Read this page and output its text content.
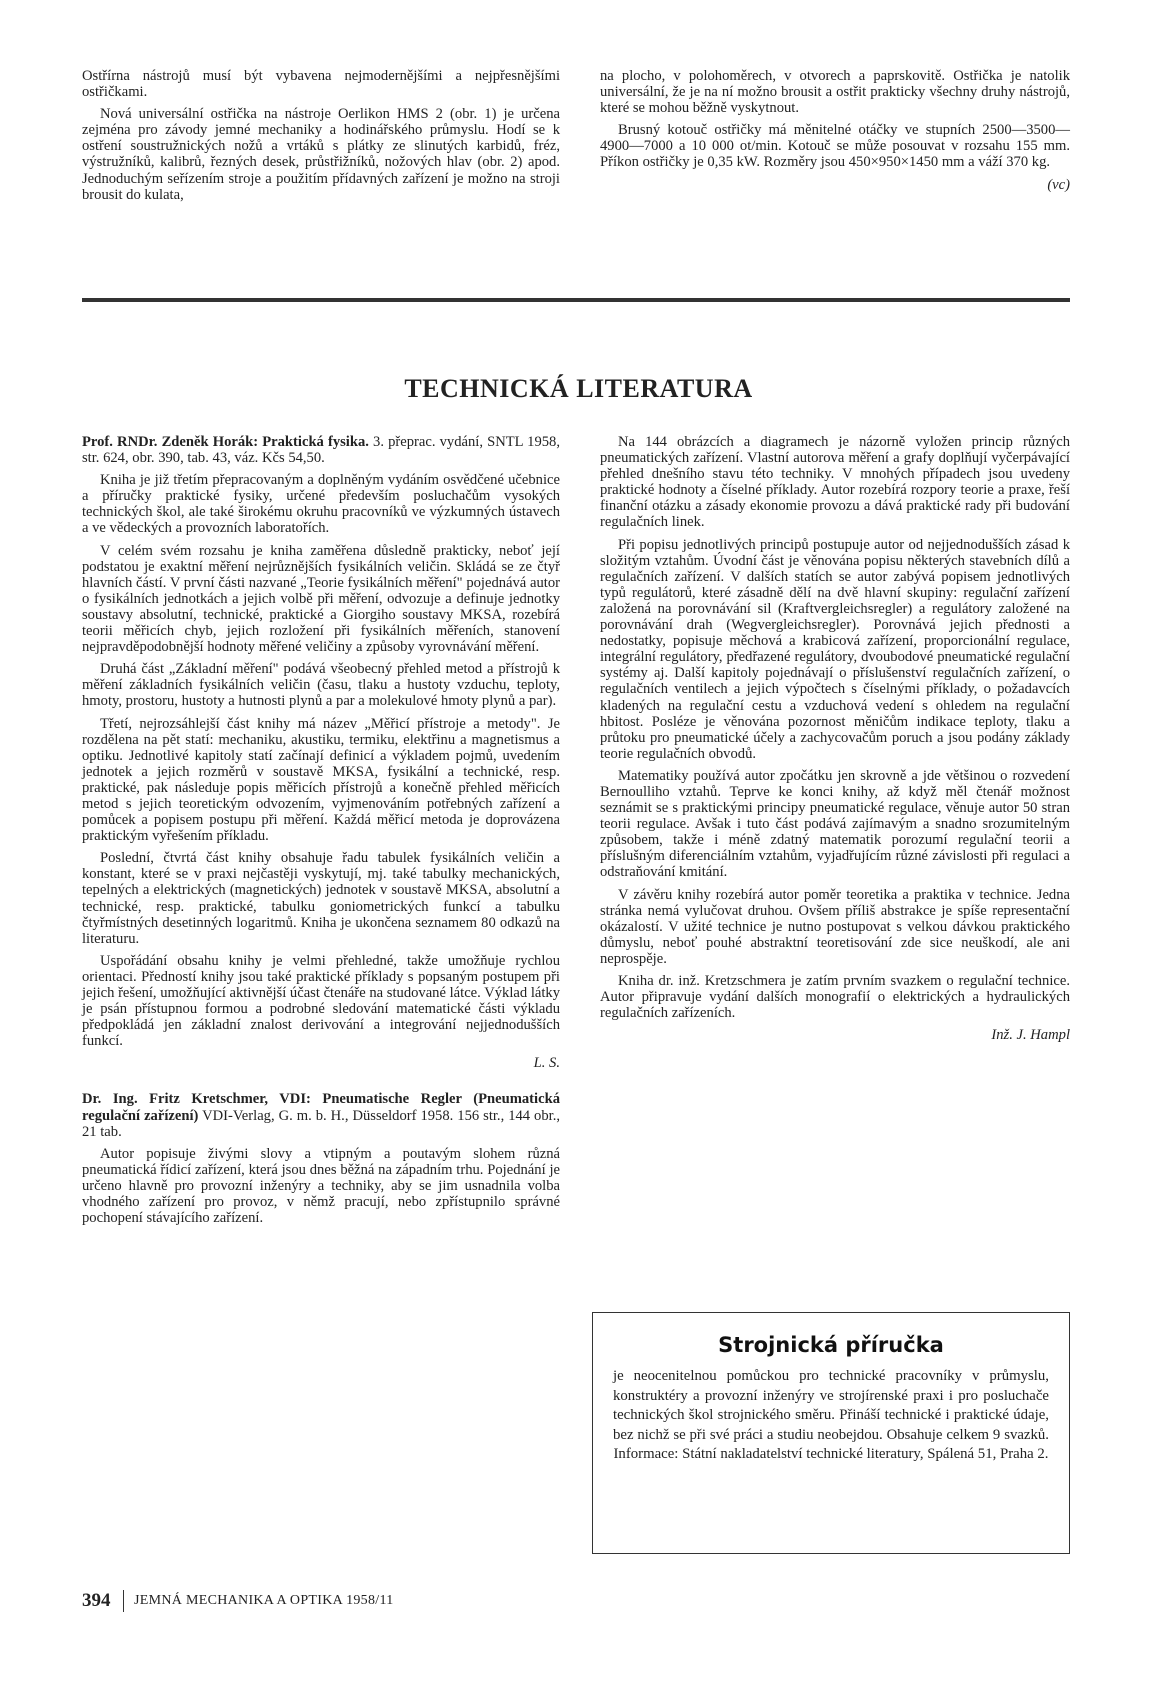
Ostřírna nástrojů musí být vybavena nejmodernějšími a nejpřesnějšími ostřičkami.

Nová universální ostřička na nástroje Oerlikon HMS 2 (obr. 1) je určena zejména pro závody jemné mechaniky a hodinářského průmyslu. Hodí se k ostření soustružnických nožů a vrtáků s plátky ze slinutých karbidů, fréz, výstružníků, kalibrů, řezných desek, průstřižníků, nožových hlav (obr. 2) apod. Jednoduchým seřízením stroje a použitím přídavných zařízení je možno na stroji brousit do kulata,

na plocho, v polohoměrech, v otvorech a paprskovitě. Ostřička je natolik universální, že je na ní možno brousit a ostřit prakticky všechny druhy nástrojů, které se mohou běžně vyskytnout.

Brusný kotouč ostřičky má měnitelné otáčky ve stupních 2500—3500—4900—7000 a 10 000 ot/min. Kotouč se může posouvat v rozsahu 155 mm. Příkon ostřičky je 0,35 kW. Rozměry jsou 450×950×1450 mm a váží 370 kg.

(vc)

TECHNICKÁ LITERATURA

Prof. RNDr. Zdeněk Horák: Praktická fysika. 3. přeprac. vydání, SNTL 1958, str. 624, obr. 390, tab. 43, váz. Kčs 54,50.

Kniha je již třetím přepracovaným a doplněným vydáním osvědčené učebnice a příručky praktické fysiky, určené především posluchačům vysokých technických škol, ale také širokému okruhu pracovníků ve výzkumných ústavech a ve vědeckých a provozních laboratořích.

V celém svém rozsahu je kniha zaměřena důsledně prakticky, neboť její podstatou je exaktní měření nejrůznějších fysikálních veličin. Skládá se ze čtyř hlavních částí. V první části nazvané „Teorie fysikálních měření" pojednává autor o fysikálních jednotkách a jejich volbě při měření, odvozuje a definuje jednotky soustavy absolutní, technické, praktické a Giorgiho soustavy MKSA, rozebírá teorii měřicích chyb, jejich rozložení při fysikálních měřeních, stanovení nejpravděpodobnější hodnoty měřené veličiny a způsoby vyrovnávání měření.

Druhá část „Základní měření" podává všeobecný přehled metod a přístrojů k měření základních fysikálních veličin (času, tlaku a hustoty vzduchu, teploty, hmoty, prostoru, hustoty a hutnosti plynů a par a molekulové hmoty plynů a par).

Třetí, nejrozsáhlejší část knihy má název „Měřicí přístroje a metody". Je rozdělena na pět statí: mechaniku, akustiku, termiku, elektřinu a magnetismus a optiku. Jednotlivé kapitoly statí začínají definicí a výkladem pojmů, uvedením jednotek a jejich rozměrů v soustavě MKSA, fysikální a technické, resp. praktické, pak následuje popis měřicích přístrojů a konečně přehled měřicích metod s jejich teoretickým odvozením, vyjmenováním potřebných zařízení a pomůcek a popisem postupu při měření. Každá měřicí metoda je doprovázena praktickým vyřešením příkladu.

Poslední, čtvrtá část knihy obsahuje řadu tabulek fysikálních veličin a konstant, které se v praxi nejčastěji vyskytují, mj. také tabulky mechanických, tepelných a elektrických (magnetických) jednotek v soustavě MKSA, absolutní a technické, resp. praktické, tabulku goniometrických funkcí a tabulku čtyřmístných desetinných logaritmů. Kniha je ukončena seznamem 80 odkazů na literaturu.

Uspořádání obsahu knihy je velmi přehledné, takže umožňuje rychlou orientaci. Předností knihy jsou také praktické příklady s popsaným postupem při jejich řešení, umožňující aktivnější účast čtenáře na studované látce. Výklad látky je psán přístupnou formou a podrobné sledování matematické části výkladu předpokládá jen základní znalost derivování a integrování nejjednodušších funkcí.

L. S.

Dr. Ing. Fritz Kretschmer, VDI: Pneumatische Regler (Pneumatická regulační zařízení) VDI-Verlag, G. m. b. H., Düsseldorf 1958. 156 str., 144 obr., 21 tab.

Autor popisuje živými slovy a vtipným a poutavým slohem různá pneumatická řídicí zařízení, která jsou dnes běžná na západním trhu. Pojednání je určeno hlavně pro provozní inženýry a techniky, aby se jim usnadnila volba vhodného zařízení pro provoz, v němž pracují, nebo zpřístupnilo správné pochopení stávajícího zařízení.

Na 144 obrázcích a diagramech je názorně vyložen princip různých pneumatických zařízení. Vlastní autorova měření a grafy doplňují vyčerpávající přehled dnešního stavu této techniky. V mnohých případech jsou uvedeny praktické hodnoty a číselné příklady. Autor rozebírá rozpory teorie a praxe, řeší finanční otázku a zásady ekonomie provozu a dává praktické rady při budování regulačních linek.

Při popisu jednotlivých principů postupuje autor od nejjednodušších zásad k složitým vztahům. Úvodní část je věnována popisu některých stavebních dílů a regulačních zařízení. V dalších statích se autor zabývá popisem jednotlivých typů regulátorů, které zásadně dělí na dvě hlavní skupiny: regulační zařízení založená na porovnávání sil (Kraftvergleichsregler) a regulátory založené na porovnávání drah (Wegvergleichsregler). Porovnává jejich přednosti a nedostatky, popisuje měchová a krabicová zařízení, proporcionální regulace, integrální regulátory, předřazené regulátory, dvoubodové pneumatické regulační systémy aj. Další kapitoly pojednávají o příslušenství regulačních zařízení, o regulačních ventilech a jejich výpočtech s číselnými příklady, o požadavcích kladených na regulační cestu a vzduchová vedení s ohledem na regulační hbitost. Posléze je věnována pozornost měničům indikace teploty, tlaku a průtoku pro pneumatické účely a zachycovačům poruch a jsou podány základy teorie regulačních obvodů.

Matematiky používá autor zpočátku jen skrovně a jde většinou o rozvedení Bernoulliho vztahů. Teprve ke konci knihy, až když měl čtenář možnost seznámit se s praktickými principy pneumatické regulace, věnuje autor 50 stran teorii regulace. Avšak i tuto část podává zajímavým a snadno srozumitelným způsobem, takže i méně zdatný matematik porozumí regulační teorii a příslušným diferenciálním vztahům, vyjadřujícím různé závislosti při regulaci a odstraňování kmitání.

V závěru knihy rozebírá autor poměr teoretika a praktika v technice. Jedna stránka nemá vylučovat druhou. Ovšem příliš abstrakce je spíše representační okázalostí. V užité technice je nutno postupovat s velkou dávkou praktického důmyslu, neboť pouhé abstraktní teoretisování zde sice neuškodí, ale ani neprospěje.

Kniha dr. inž. Kretzschmera je zatím prvním svazkem o regulační technice. Autor připravuje vydání dalších monografií o elektrických a hydraulických regulačních zařízeních.

Inž. J. Hampl

Strojnická příručka
je neocenitelnou pomůckou pro technické pracovníky v průmyslu, konstruktéry a provozní inženýry ve strojírenské praxi i pro posluchače technických škol strojnického směru. Přináší technické i praktické údaje, bez nichž se při své práci a studiu neobejdou. Obsahuje celkem 9 svazků. Informace: Státní nakladatelství technické literatury, Spálená 51, Praha 2.
394 JEMNÁ MECHANIKA A OPTIKA 1958/11
